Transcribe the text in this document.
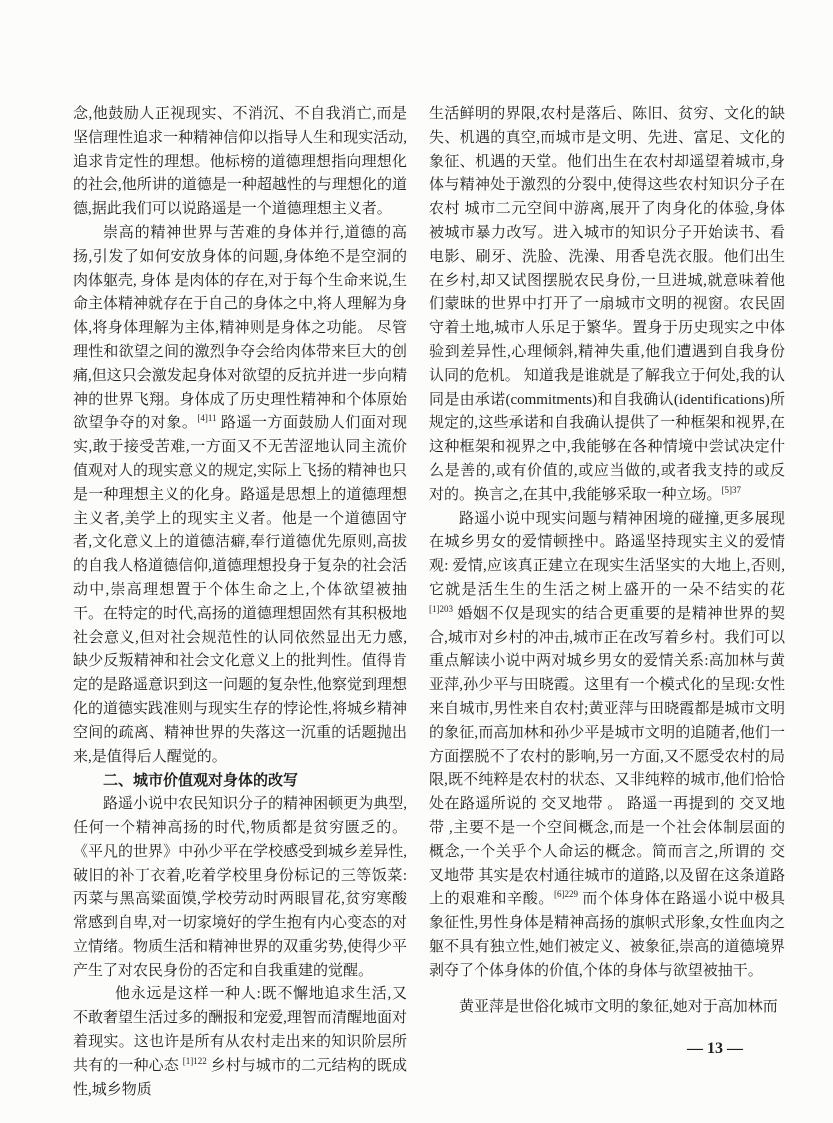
念,他鼓励人正视现实、不消沉、不自我消亡,而是坚信理性追求一种精神信仰以指导人生和现实活动,追求肯定性的理想。他标榜的道德理想指向理想化的社会,他所讲的道德是一种超越性的与理想化的道德,据此我们可以说路遥是一个道德理想主义者。

崇高的精神世界与苦难的身体并行,道德的高扬,引发了如何安放身体的问题,身体绝不是空洞的肉体躯壳, 身体 是肉体的存在,对于每个生命来说,生命主体精神就存在于自己的身体之中,将人理解为身体,将身体理解为主体,精神则是身体之功能。 尽管理性和欲望之间的激烈争夺会给肉体带来巨大的创痛,但这只会激发起身体对欲望的反抗并进一步向精神的世界飞翔。身体成了历史理性精神和个体原始欲望争夺的对象。$^{[4]11}$ 路遥一方面鼓励人们面对现实,敢于接受苦难,一方面又不无苦涩地认同主流价值观对人的现实意义的规定,实际上飞扬的精神也只是一种理想主义的化身。路遥是思想上的道德理想主义者,美学上的现实主义者。他是一个道德固守者,文化意义上的道德洁癖,奉行道德优先原则,高拔的自我人格道德信仰,道德理想投身于复杂的社会活动中,崇高理想置于个体生命之上,个体欲望被抽干。在特定的时代,高扬的道德理想固然有其积极地社会意义,但对社会规范性的认同依然显出无力感,缺少反叛精神和社会文化意义上的批判性。值得肯定的是路遥意识到这一问题的复杂性,他察觉到理想化的道德实践准则与现实生存的悖论性,将城乡精神空间的疏离、精神世界的失落这一沉重的话题抛出来,是值得后人醒觉的。

二、城市价值观对身体的改写

路遥小说中农民知识分子的精神困顿更为典型,任何一个精神高扬的时代,物质都是贫穷匮乏的。《平凡的世界》中孙少平在学校感受到城乡差异性,破旧的补丁衣着,吃着学校里身份标记的三等饭菜:丙菜与黑高粱面馍,学校劳动时两眼冒花,贫穷寒酸常感到自卑,对一切家境好的学生抱有内心变态的对立情绪。物质生活和精神世界的双重劣势,使得少平产生了对农民身份的否定和自我重建的觉醒。

他永远是这样一种人:既不懈地追求生活,又不敢奢望生活过多的酬报和宠爱,理智而清醒地面对着现实。这也许是所有从农村走出来的知识阶层所共有的一种心态 $^{[1]122}$ 乡村与城市的二元结构的既成性,城乡物质

生活鲜明的界限,农村是落后、陈旧、贫穷、文化的缺失、机遇的真空,而城市是文明、先进、富足、文化的象征、机遇的天堂。他们出生在农村却遥望着城市,身体与精神处于激烈的分裂中,使得这些农村知识分子在农村 城市二元空间中游离,展开了肉身化的体验,身体被城市暴力改写。进入城市的知识分子开始读书、看电影、刷牙、洗脸、洗澡、用香皂洗衣服。他们出生在乡村,却又试图摆脱农民身份,一旦进城,就意味着他们蒙昧的世界中打开了一扇城市文明的视窗。农民固守着土地,城市人乐足于繁华。置身于历史现实之中体验到差异性,心理倾斜,精神失重,他们遭遇到自我身份认同的危机。 知道我是谁就是了解我立于何处,我的认同是由承诺(commitments)和自我确认(identifications)所规定的,这些承诺和自我确认提供了一种框架和视界,在这种框架和视界之中,我能够在各种情境中尝试决定什么是善的,或有价值的,或应当做的,或者我支持的或反对的。换言之,在其中,我能够采取一种立场。$^{[5]37}$

路遥小说中现实问题与精神困境的碰撞,更多展现在城乡男女的爱情顿挫中。路遥坚持现实主义的爱情观: 爱情,应该真正建立在现实生活坚实的大地上,否则,它就是活生生的生活之树上盛开的一朵不结实的花 $^{[1]203}$ 婚姻不仅是现实的结合更重要的是精神世界的契合,城市对乡村的冲击,城市正在改写着乡村。我们可以重点解读小说中两对城乡男女的爱情关系:高加林与黄亚萍,孙少平与田晓霞。这里有一个模式化的呈现:女性来自城市,男性来自农村;黄亚萍与田晓霞都是城市文明的象征,而高加林和孙少平是城市文明的追随者,他们一方面摆脱不了农村的影响,另一方面,又不愿受农村的局限,既不纯粹是农村的状态、又非纯粹的城市,他们恰恰处在路遥所说的 交叉地带 。 路遥一再提到的 交叉地带 ,主要不是一个空间概念,而是一个社会体制层面的概念,一个关乎个人命运的概念。简而言之,所谓的 交叉地带 其实是农村通往城市的道路,以及留在这条道路上的艰难和辛酸。$^{[6]229}$ 而个体身体在路遥小说中极具象征性,男性身体是精神高扬的旗帜式形象,女性血肉之躯不具有独立性,她们被定义、被象征,崇高的道德境界剥夺了个体身体的价值,个体的身体与欲望被抽干。

黄亚萍是世俗化城市文明的象征,她对于高加林而

— 13 —
